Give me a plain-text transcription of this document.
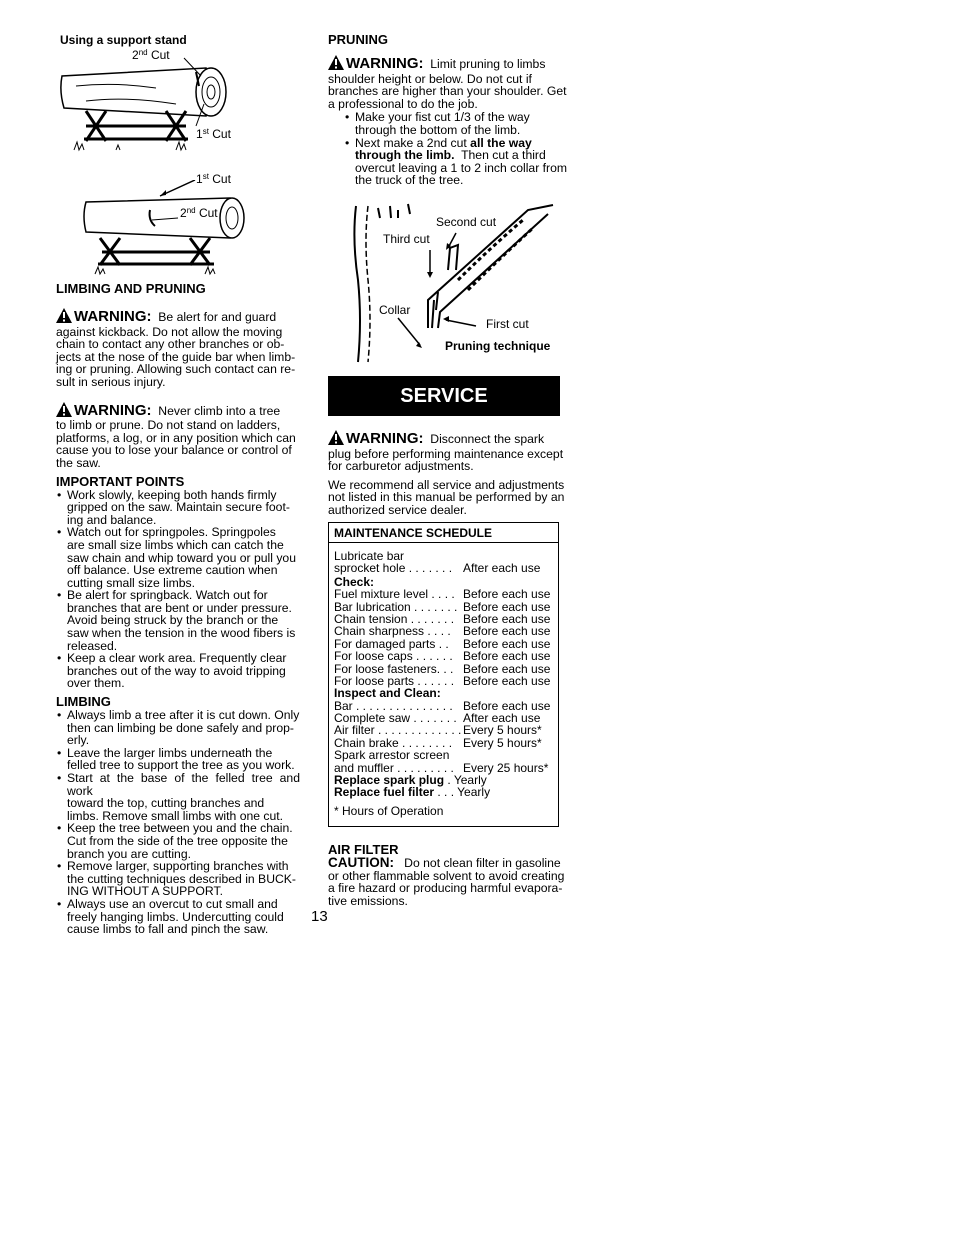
Using a support stand
2nd Cut
1st Cut
1st Cut
2nd Cut
LIMBING AND PRUNING

WARNING: Be alert for and guard

against kickback. Do not allow the moving

chain to contact any other branches or ob-

jects at the nose of the guide bar when limb-

ing or pruning. Allowing such contact can re-

sult in serious injury.

WARNING: Never climb into a tree

to limb or prune. Do not stand on ladders,

platforms, a log, or in any position which can

cause you to lose your balance or control of

the saw.

IMPORTANT POINTS

• Work slowly, keeping both hands firmly

gripped on the saw. Maintain secure foot-

ing and balance.

• Watch out for springpoles. Springpoles

are small size limbs which can catch the

saw chain and whip toward you or pull you

off balance. Use extreme caution when

cutting small size limbs.

• Be alert for springback. Watch out for

branches that are bent or under pressure.

Avoid being struck by the branch or the

saw when the tension in the wood fibers is

released.

• Keep a clear work area. Frequently clear

branches out of the way to avoid tripping

over them.

LIMBING

• Always limb a tree after it is cut down. Only

then can limbing be done safely and prop-

erly.

• Leave the larger limbs underneath the

felled tree to support the tree as you work.

• Start at the base of the felled tree and work

toward the top, cutting branches and

limbs. Remove small limbs with one cut.

• Keep the tree between you and the chain.

Cut from the side of the tree opposite the

branch you are cutting.

• Remove larger, supporting branches with

the cutting techniques described in BUCK-

ING WITHOUT A SUPPORT.

• Always use an overcut to cut small and

freely hanging limbs. Undercutting could

cause limbs to fall and pinch the saw.

PRUNING

WARNING: Limit pruning to limbs

shoulder height or below. Do not cut if

branches are higher than your shoulder. Get

a professional to do the job.

• Make your fist cut 1/3 of the way

through the bottom of the limb.

• Next make a 2nd cut all the way

through the limb.  Then cut a third

overcut leaving a 1 to 2 inch collar from

the truck of the tree.

Second cut
Third cut
Collar
First cut
Pruning technique
SERVICE

WARNING: Disconnect the spark

plug before performing maintenance except

for carburetor adjustments.

We recommend all service and adjustments

not listed in this manual be performed by an

authorized service dealer.

MAINTENANCE SCHEDULE
Lubricate bar
sprocket hole . . . . . . . After each use
Check:
Fuel mixture level . . . . Before each use
Bar lubrication . . . . . . . Before each use
Chain tension . . . . . . . Before each use
Chain sharpness . . . . Before each use
For damaged parts . . Before each use
For loose caps . . . . . . Before each use
For loose fasteners. . . Before each use
For loose parts . . . . . . Before each use
Inspect and Clean:
Bar . . . . . . . . . . . . . . . Before each use
Complete saw . . . . . . . After each use
Air filter . . . . . . . . . . . . . Every 5 hours*
Chain brake . . . . . . . . Every 5 hours*
Spark arrestor screen
and muffler . . . . . . . . . Every 25 hours*
Replace spark plug . Yearly
Replace fuel filter . . . Yearly
* Hours of Operation
AIR FILTER

CAUTION: Do not clean filter in gasoline

or other flammable solvent to avoid creating

a fire hazard or producing harmful evapora-

tive emissions.

13
